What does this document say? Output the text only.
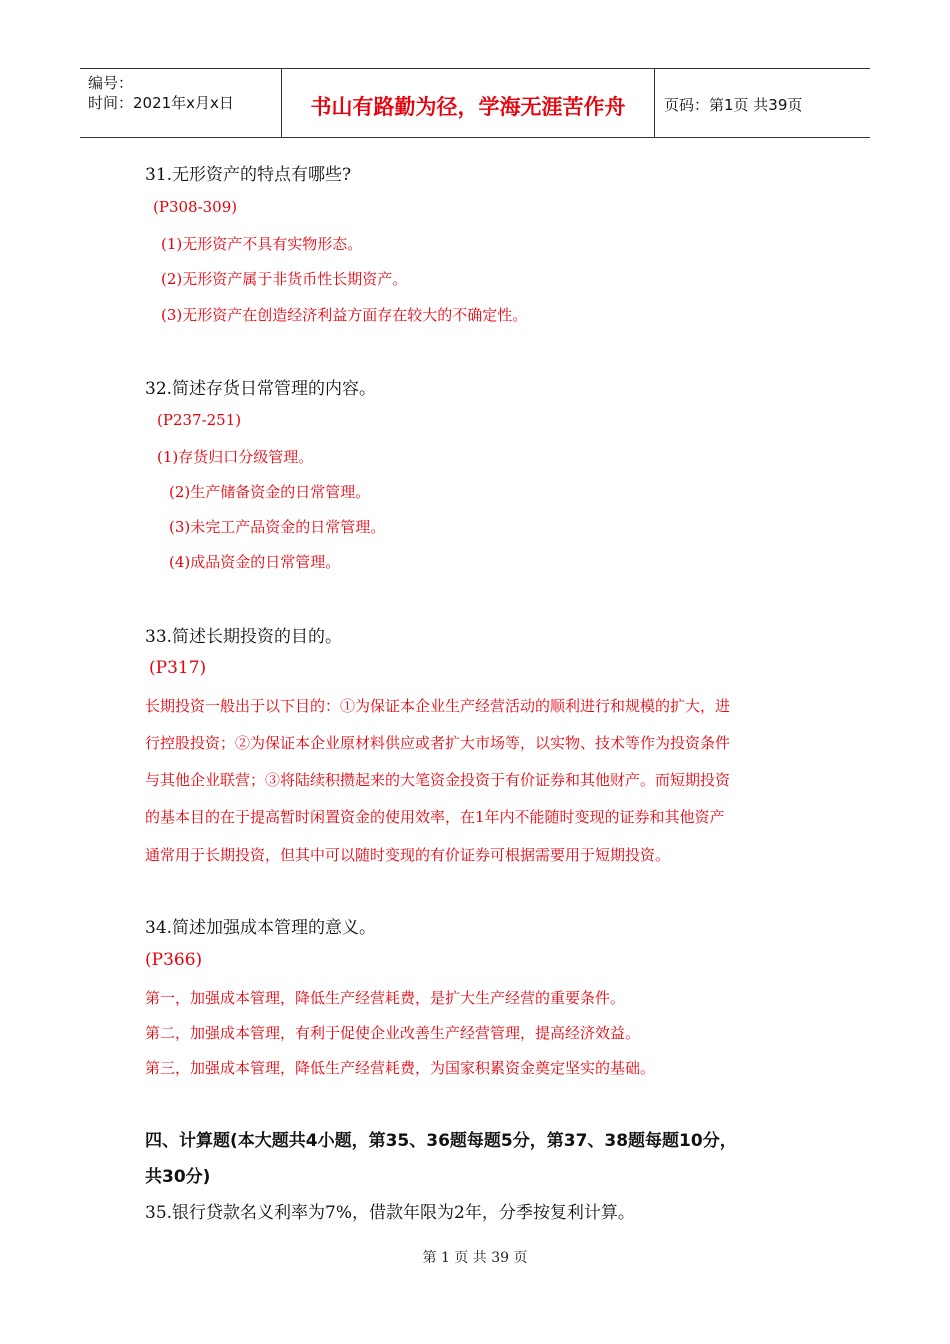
编号：
时间：2021年x月x日	书山有路勤为径，学海无涯苦作舟	页码：第1页 共39页
31.无形资产的特点有哪些?
(P308-309)
(1)无形资产不具有实物形态。
(2)无形资产属于非货币性长期资产。
(3)无形资产在创造经济利益方面存在较大的不确定性。
32.简述存货日常管理的内容。
(P237-251)
(1)存货归口分级管理。
(2)生产储备资金的日常管理。
(3)未完工产品资金的日常管理。
(4)成品资金的日常管理。
33.简述长期投资的目的。
(P317)
长期投资一般出于以下目的：①为保证本企业生产经营活动的顺利进行和规模的扩大，进
行控股投资；②为保证本企业原材料供应或者扩大市场等，以实物、技术等作为投资条件
与其他企业联营；③将陆续积攒起来的大笔资金投资于有价证券和其他财产。而短期投资
的基本目的在于提高暂时闲置资金的使用效率，在1年内不能随时变现的证券和其他资产
通常用于长期投资，但其中可以随时变现的有价证券可根据需要用于短期投资。
34.简述加强成本管理的意义。
(P366)
第一，加强成本管理，降低生产经营耗费，是扩大生产经营的重要条件。
第二，加强成本管理，有利于促使企业改善生产经营管理，提高经济效益。
第三，加强成本管理，降低生产经营耗费，为国家积累资金奠定坚实的基础。
四、计算题(本大题共4小题，第35、36题每题5分，第37、38题每题10分，
共30分)
35.银行贷款名义利率为7%，借款年限为2年，分季按复利计算。
第 1 页 共 39 页
